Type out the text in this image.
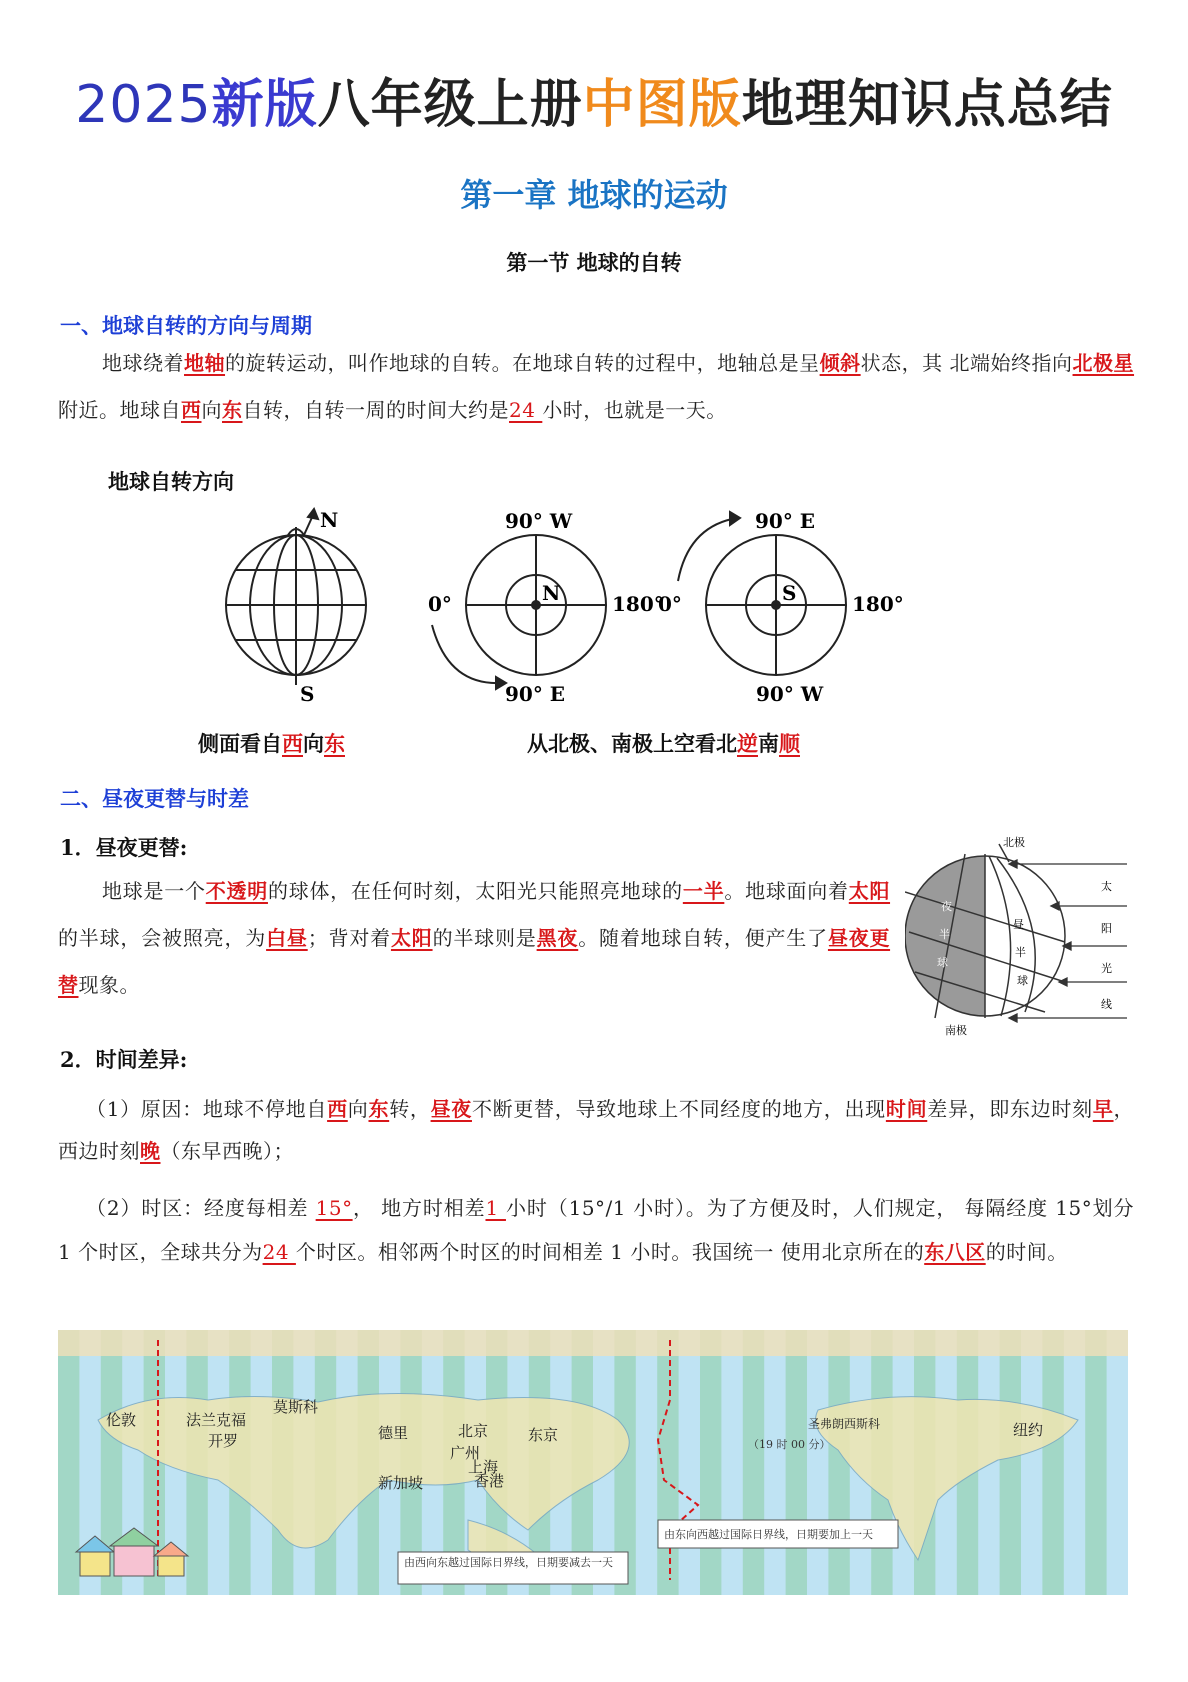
2025新版八年级上册中图版地理知识点总结
第一章 地球的运动
第一节 地球的自转
一、地球自转的方向与周期
地球绕着地轴的旋转运动，叫作地球的自转。在地球自转的过程中，地轴总是呈倾斜状态，其 北端始终指向北极星附近。地球自西向东自转，自转一周的时间大约是24 小时，也就是一天。
地球自转方向
N
S
90° W
0°	180°
90° E
N
90° E
0°	180°
90° W
S
侧面看自西向东	从北极、南极上空看北逆南顺
二、昼夜更替与时差
1．昼夜更替:
地球是一个不透明的球体，在任何时刻，太阳光只能照亮地球的一半。地球面向着太阳的半球，会被照亮，为白昼；背对着太阳的半球则是黑夜。随着地球自转，便产生了昼夜更替现象。
北极
南极
夜
半
球
昼
半
球
太
阳
光
线
2．时间差异:
（1）原因：地球不停地自西向东转，昼夜不断更替，导致地球上不同经度的地方，出现时间差异，即东边时刻早，西边时刻晚（东早西晚）；
（2）时区：经度每相差 15°， 地方时相差1 小时（15°/1 小时）。为了方便及时，人们规定， 每隔经度 15°划分 1 个时区，全球共分为24 个时区。相邻两个时区的时间相差 1 小时。我国统一 使用北京所在的东八区的时间。
伦敦	法兰克福
莫斯科
开罗	德里	北京	东京
广州
上海
香港
新加坡
圣弗朗西斯科	纽约
由西向东越过国际日界线，日期要减去一天
由东向西越过国际日界线，日期要加上一天
（19 时 00 分）
